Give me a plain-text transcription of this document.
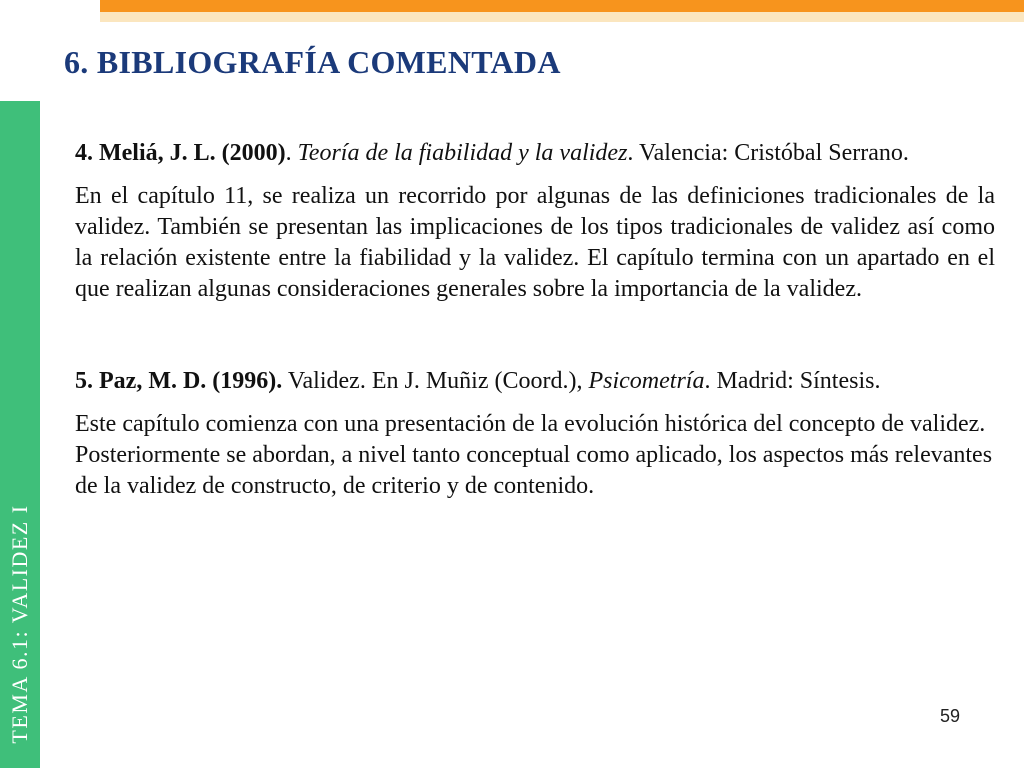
TEMA 6.1: VALIDEZ I
6. BIBLIOGRAFÍA COMENTADA

4. Meliá, J. L. (2000). Teoría de la fiabilidad y la validez. Valencia: Cristóbal Serrano.

En el capítulo 11, se realiza un recorrido por algunas de las definiciones tradicionales de la validez. También se presentan las implicaciones de los tipos tradicionales de validez así como la relación existente entre la fiabilidad y la validez. El capítulo termina con un apartado en el que realizan algunas consideraciones generales sobre la importancia de la validez.

5. Paz, M. D. (1996). Validez. En J. Muñiz (Coord.), Psicometría. Madrid: Síntesis.

Este capítulo comienza con una presentación de la evolución histórica del concepto de validez. Posteriormente se abordan, a nivel tanto conceptual como aplicado, los aspectos más relevantes de la validez de constructo, de criterio y de contenido.

59
